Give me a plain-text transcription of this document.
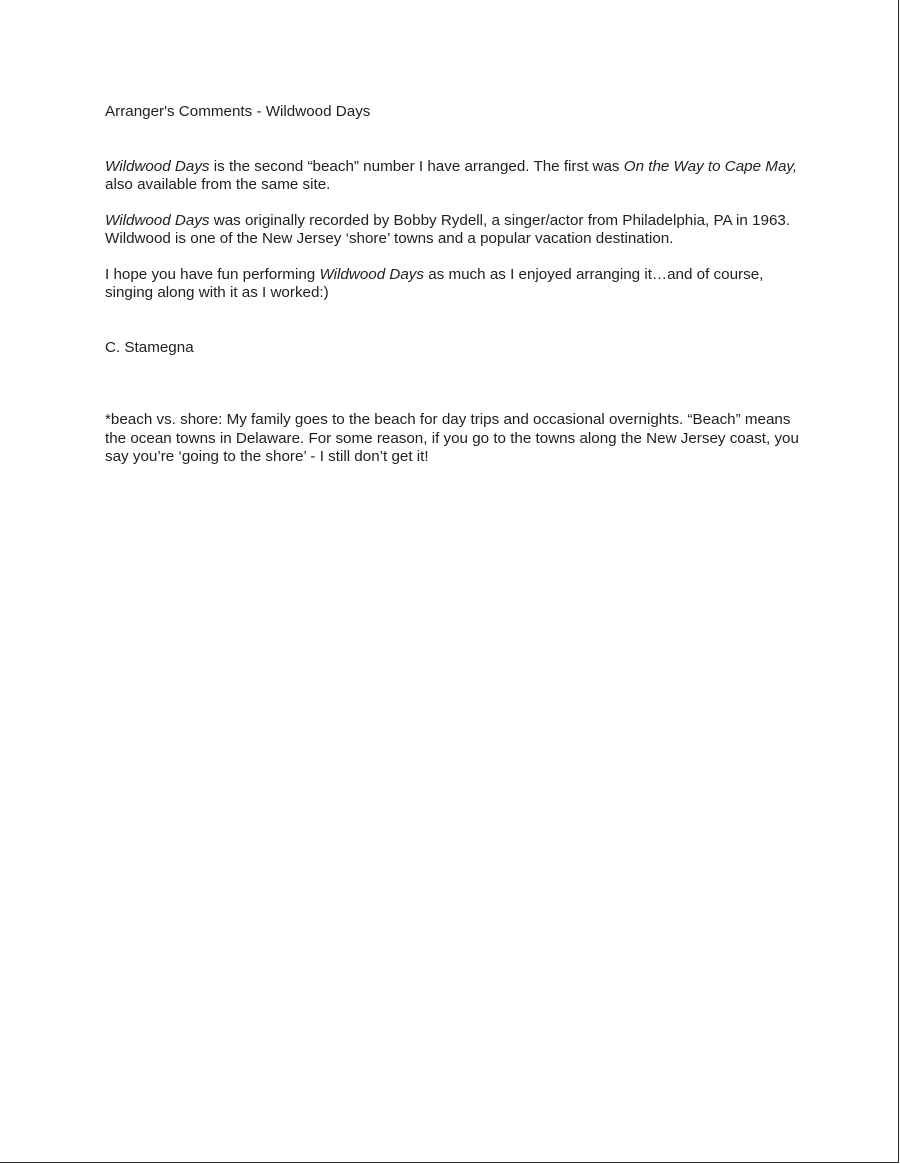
Arranger's Comments - Wildwood Days

Wildwood Days is the second “beach” number I have arranged. The first was On the Way to Cape May, also available from the same site.

Wildwood Days was originally recorded by Bobby Rydell, a singer/actor from Philadelphia, PA in 1963. Wildwood is one of the New Jersey ‘shore’ towns and a popular vacation destination.

I hope you have fun performing Wildwood Days as much as I enjoyed arranging it…and of course, singing along with it as I worked:)

C. Stamegna

*beach vs. shore: My family goes to the beach for day trips and occasional overnights. “Beach” means the ocean towns in Delaware. For some reason, if you go to the towns along the New Jersey coast, you say you’re ‘going to the shore’ - I still don’t get it!
